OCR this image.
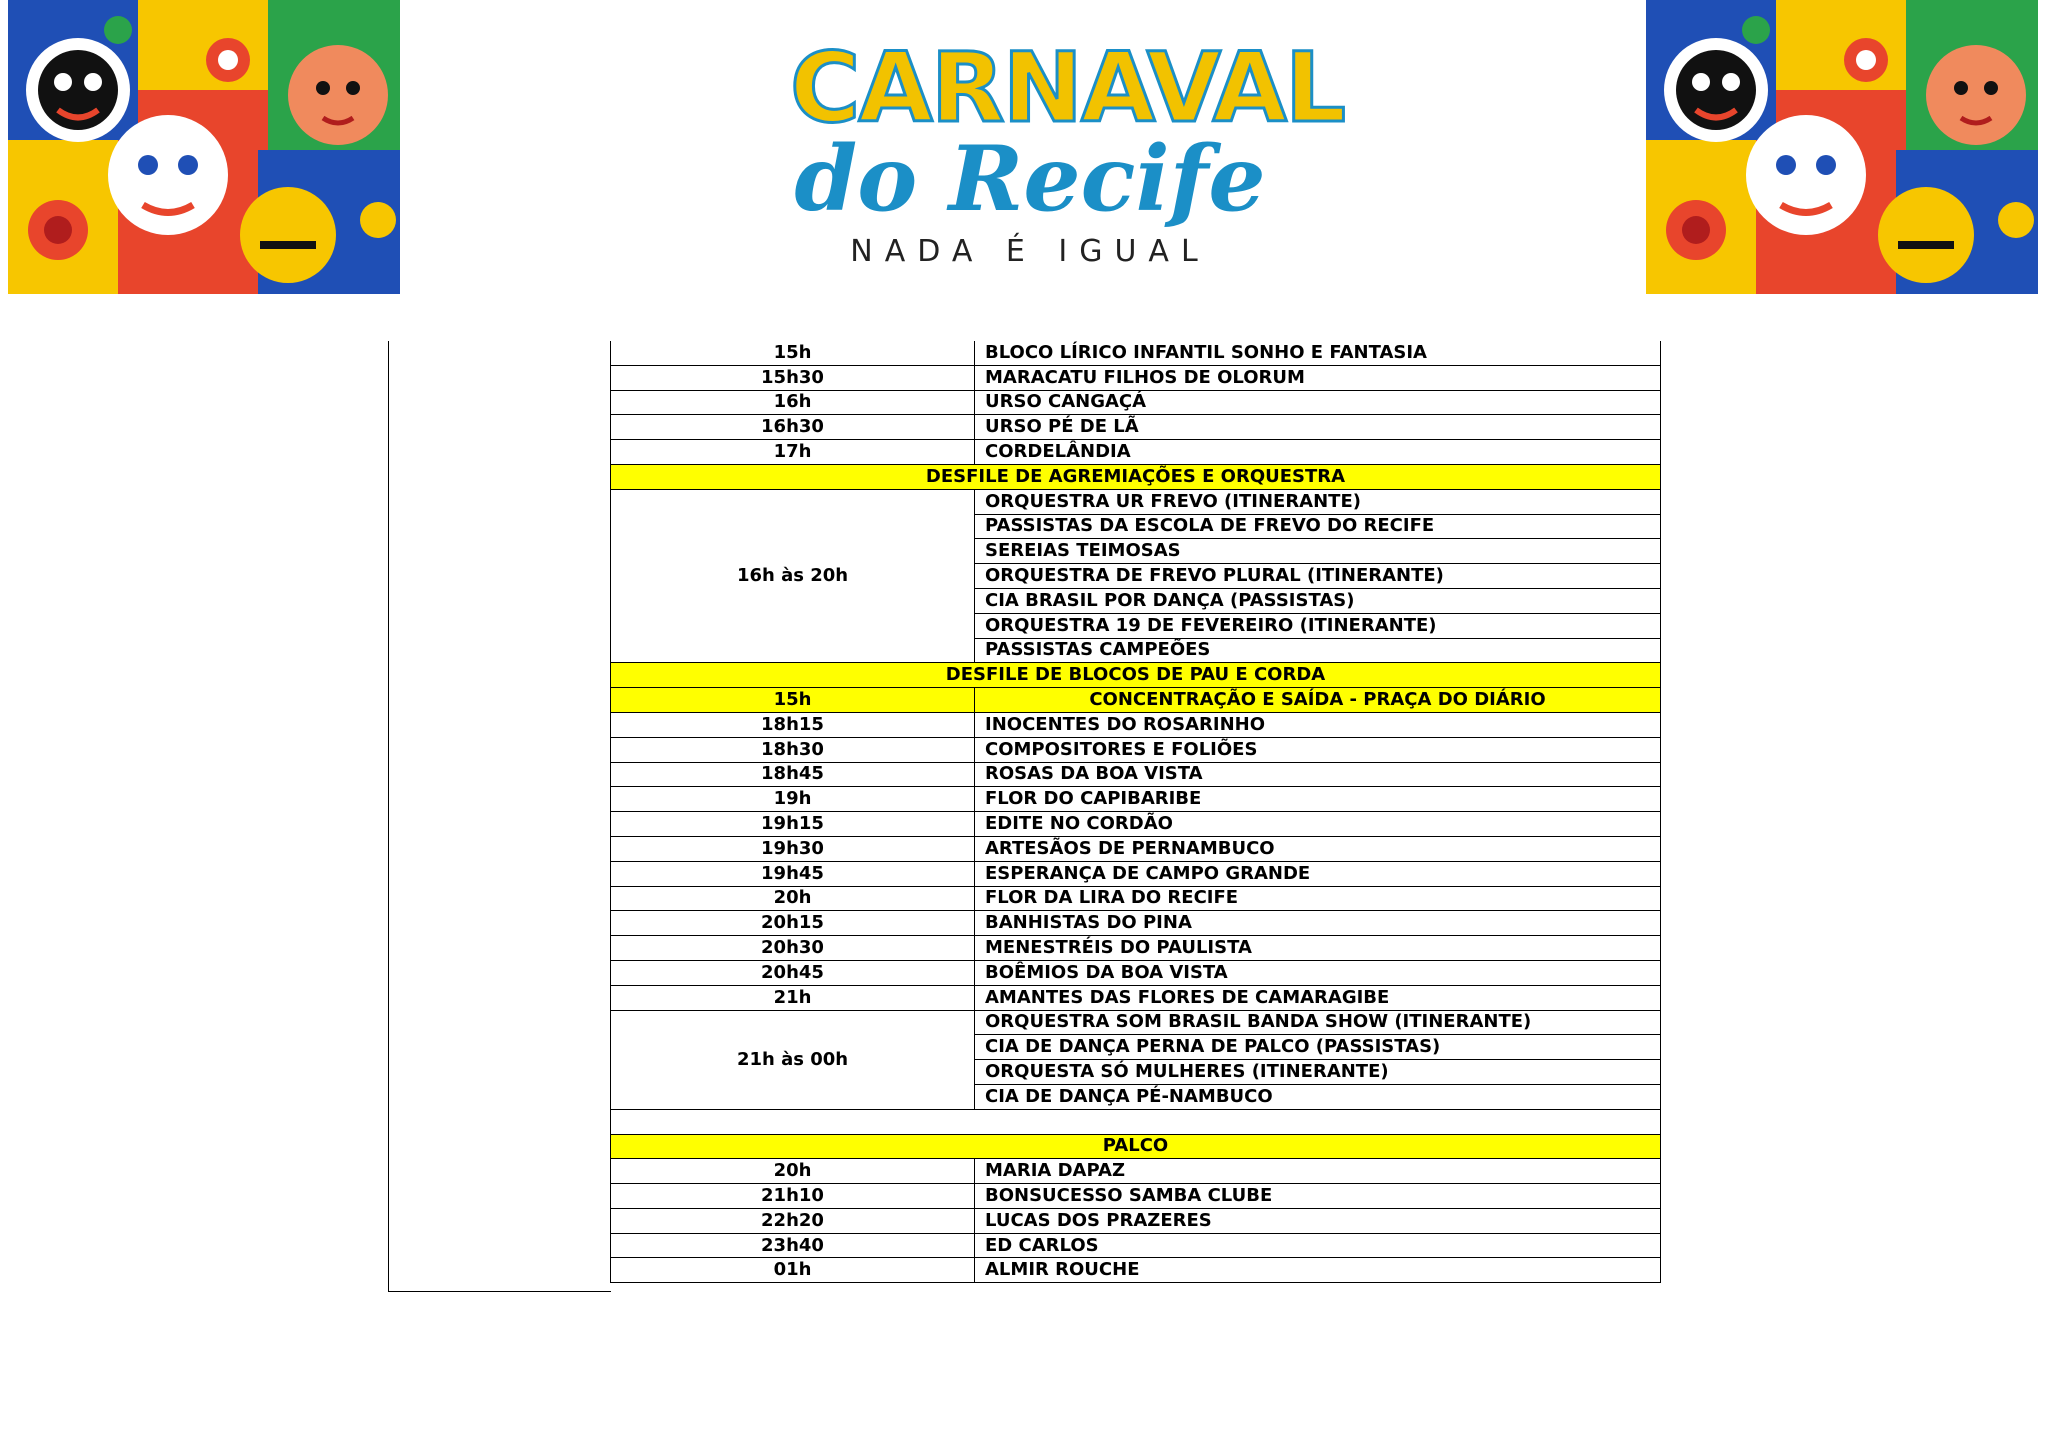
CARNAVAL
do Recife
NADA É IGUAL
15h	BLOCO LÍRICO INFANTIL SONHO E FANTASIA
15h30	MARACATU FILHOS DE OLORUM
16h	URSO CANGAÇÁ
16h30	URSO PÉ DE LÃ
17h	CORDELÂNDIA
DESFILE DE AGREMIAÇÕES E ORQUESTRA	
16h às 20h	ORQUESTRA UR FREVO (ITINERANTE)
	PASSISTAS DA ESCOLA DE FREVO DO RECIFE
	SEREIAS TEIMOSAS
	ORQUESTRA DE FREVO PLURAL (ITINERANTE)
	CIA BRASIL POR DANÇA (PASSISTAS)
	ORQUESTRA 19 DE FEVEREIRO (ITINERANTE)
	PASSISTAS CAMPEÕES
DESFILE DE BLOCOS DE PAU E CORDA	
15h	CONCENTRAÇÃO E SAÍDA - PRAÇA DO DIÁRIO
18h15	INOCENTES DO ROSARINHO
18h30	COMPOSITORES E FOLIÕES
18h45	ROSAS DA BOA VISTA
19h	FLOR DO CAPIBARIBE
19h15	EDITE NO CORDÃO
19h30	ARTESÃOS DE PERNAMBUCO
19h45	ESPERANÇA DE CAMPO GRANDE
20h	FLOR DA LIRA DO RECIFE
20h15	BANHISTAS DO PINA
20h30	MENESTRÉIS DO PAULISTA
20h45	BOÊMIOS DA BOA VISTA
21h	AMANTES DAS FLORES DE CAMARAGIBE
21h às 00h	ORQUESTRA SOM BRASIL BANDA SHOW (ITINERANTE)
	CIA DE DANÇA PERNA DE PALCO (PASSISTAS)
	ORQUESTA SÓ MULHERES (ITINERANTE)
	CIA DE DANÇA PÉ-NAMBUCO

PALCO	
20h	MARIA DAPAZ
21h10	BONSUCESSO SAMBA CLUBE
22h20	LUCAS DOS PRAZERES
23h40	ED CARLOS
01h	ALMIR ROUCHE
